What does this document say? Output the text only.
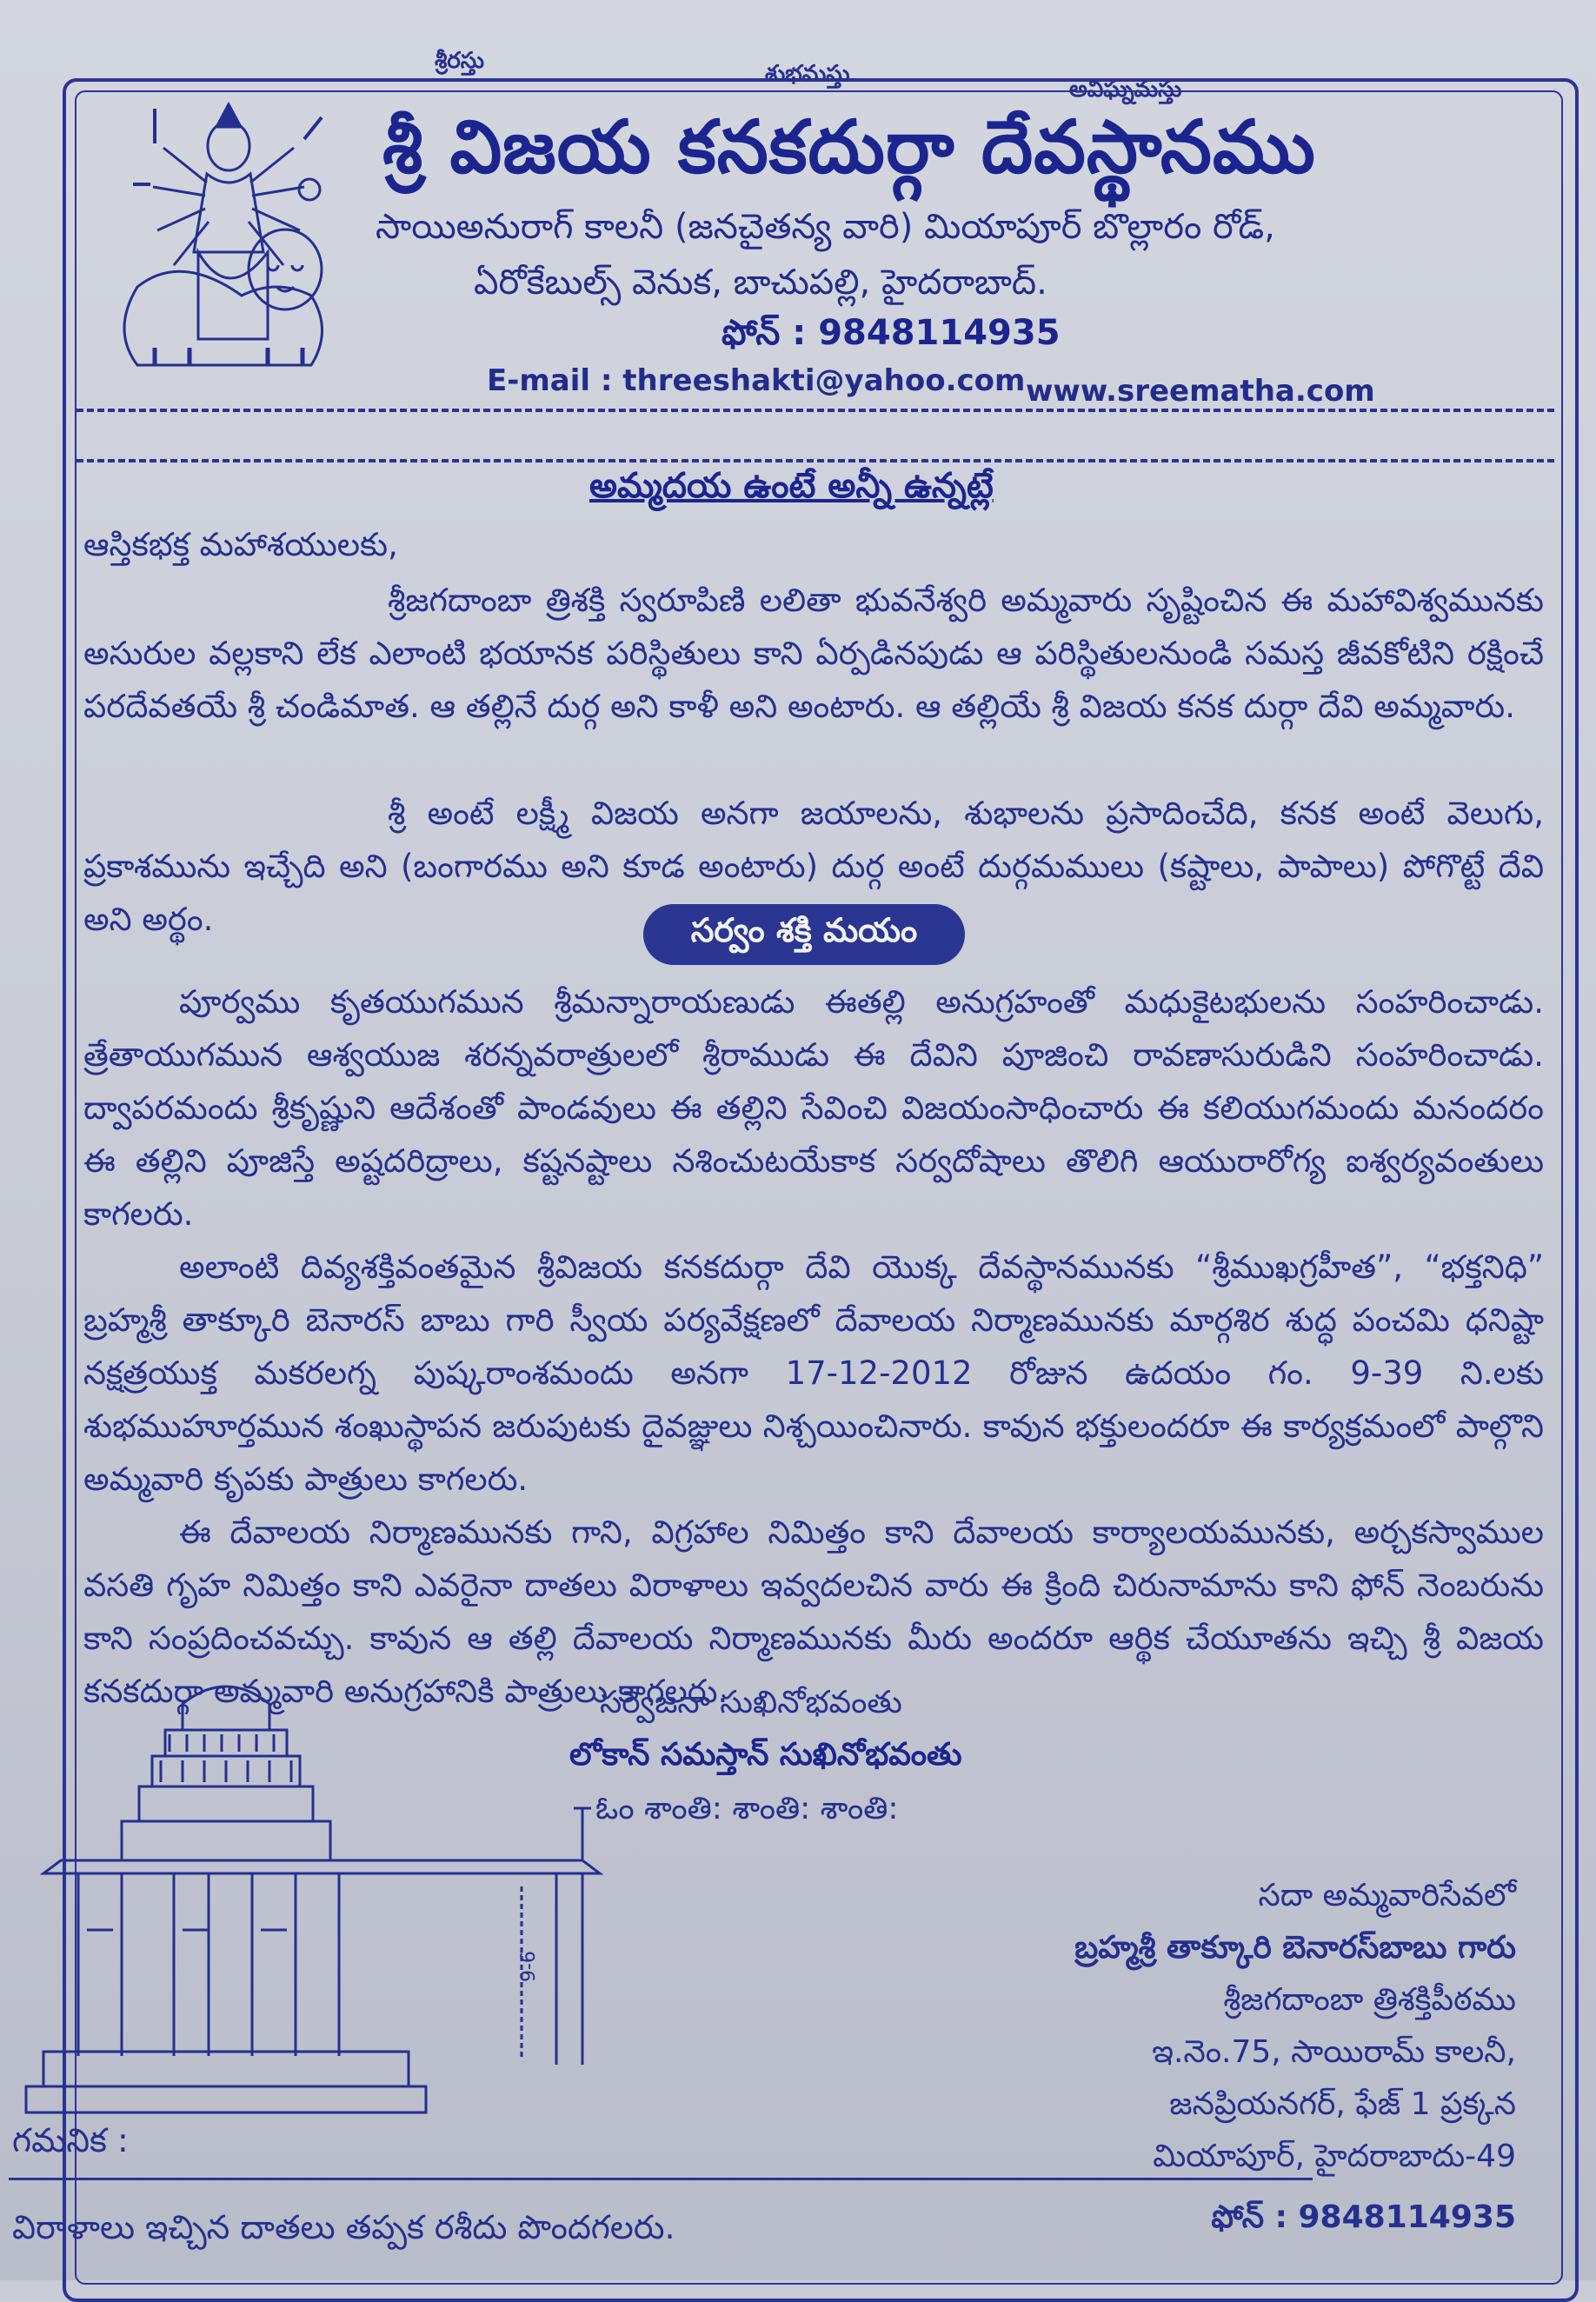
శ్రీరస్తు	శుభమస్తు
అవిఘ్నమస్తు
శ్రీ విజయ కనకదుర్గా దేవస్థానము
సాయిఅనురాగ్ కాలనీ (జనచైతన్య వారి) మియాపూర్ బొల్లారం రోడ్,
ఏరోకేబుల్స్ వెనుక, బాచుపల్లి, హైదరాబాద్.
ఫోన్ : 9848114935
E-mail : threeshakti@yahoo.com www.sreematha.com
అమ్మదయ ఉంటే అన్నీ ఉన్నట్లే
ఆస్తికభక్త మహాశయులకు,
శ్రీజగదాంబా త్రిశక్తి స్వరూపిణి లలితా భువనేశ్వరి అమ్మవారు సృష్టించిన ఈ మహావిశ్వమునకు అసురుల వల్లకాని లేక ఎలాంటి భయానక పరిస్థితులు కాని ఏర్పడినపుడు ఆ పరిస్థితులనుండి సమస్త జీవకోటిని రక్షించే పరదేవతయే శ్రీ చండిమాత. ఆ తల్లినే దుర్గ అని కాళీ అని అంటారు. ఆ తల్లియే శ్రీ విజయ కనక దుర్గా దేవి అమ్మవారు.
శ్రీ అంటే లక్ష్మీ విజయ అనగా జయాలను, శుభాలను ప్రసాదించేది, కనక అంటే వెలుగు, ప్రకాశమును ఇచ్చేది అని (బంగారము అని కూడ అంటారు) దుర్గ అంటే దుర్గమములు (కష్టాలు, పాపాలు) పోగొట్టే దేవి అని అర్థం.	సర్వం శక్తి మయం
పూర్వము కృతయుగమున శ్రీమన్నారాయణుడు ఈతల్లి అనుగ్రహంతో మధుకైటభులను సంహరించాడు. త్రేతాయుగమున ఆశ్వయుజ శరన్నవరాత్రులలో శ్రీరాముడు ఈ దేవిని పూజించి రావణాసురుడిని సంహరించాడు. ద్వాపరమందు శ్రీకృష్ణుని ఆదేశంతో పాండవులు ఈ తల్లిని సేవించి విజయంసాధించారు ఈ కలియుగమందు మనందరం ఈ తల్లిని పూజిస్తే అష్టదరిద్రాలు, కష్టనష్టాలు నశించుటయేకాక సర్వదోషాలు తొలిగి ఆయురారోగ్య ఐశ్వర్యవంతులు కాగలరు.
అలాంటి దివ్యశక్తివంతమైన శ్రీవిజయ కనకదుర్గా దేవి యొక్క దేవస్థానమునకు “శ్రీముఖగ్రహీత”, “భక్తనిధి” బ్రహ్మశ్రీ తాక్కూరి బెనారస్ బాబు గారి స్వీయ పర్యవేక్షణలో దేవాలయ నిర్మాణమునకు మార్గశిర శుద్ధ పంచమి ధనిష్టా నక్షత్రయుక్త మకరలగ్న పుష్కరాంశమందు అనగా 17-12-2012 రోజున ఉదయం గం. 9-39 ని.లకు శుభముహూర్తమున శంఖుస్థాపన జరుపుటకు దైవజ్ఞులు నిశ్చయించినారు. కావున భక్తులందరూ ఈ కార్యక్రమంలో పాల్గొని అమ్మవారి కృపకు పాత్రులు కాగలరు.
ఈ దేవాలయ నిర్మాణమునకు గాని, విగ్రహాల నిమిత్తం కాని దేవాలయ కార్యాలయమునకు, అర్చకస్వాముల వసతి గృహ నిమిత్తం కాని ఎవరైనా దాతలు విరాళాలు ఇవ్వదలచిన వారు ఈ క్రింది చిరునామాను కాని ఫోన్ నెంబరును కాని సంప్రదించవచ్చు. కావున ఆ తల్లి దేవాలయ నిర్మాణమునకు మీరు అందరూ ఆర్థిక చేయూతను ఇచ్చి శ్రీ విజయ కనకదుర్గా అమ్మవారి అనుగ్రహానికి పాత్రులు కాగలరు.
సర్వేజనా సుఖినోభవంతు
లోకాన్ సమస్తాన్ సుఖినోభవంతు
ఓం శాంతి: శాంతి: శాంతి:
9-6
సదా అమ్మవారిసేవలో
బ్రహ్మశ్రీ తాక్కూరి బెనారస్‌బాబు గారు
శ్రీజగదాంబా త్రిశక్తిపీఠము
ఇ.నెం.75, సాయిరామ్ కాలనీ,
జనప్రియనగర్, ఫేజ్ 1 ప్రక్కన
మియాపూర్, హైదరాబాదు-49
ఫోన్ : 9848114935
గమనిక :
విరాళాలు ఇచ్చిన దాతలు తప్పక రశీదు పొందగలరు.
